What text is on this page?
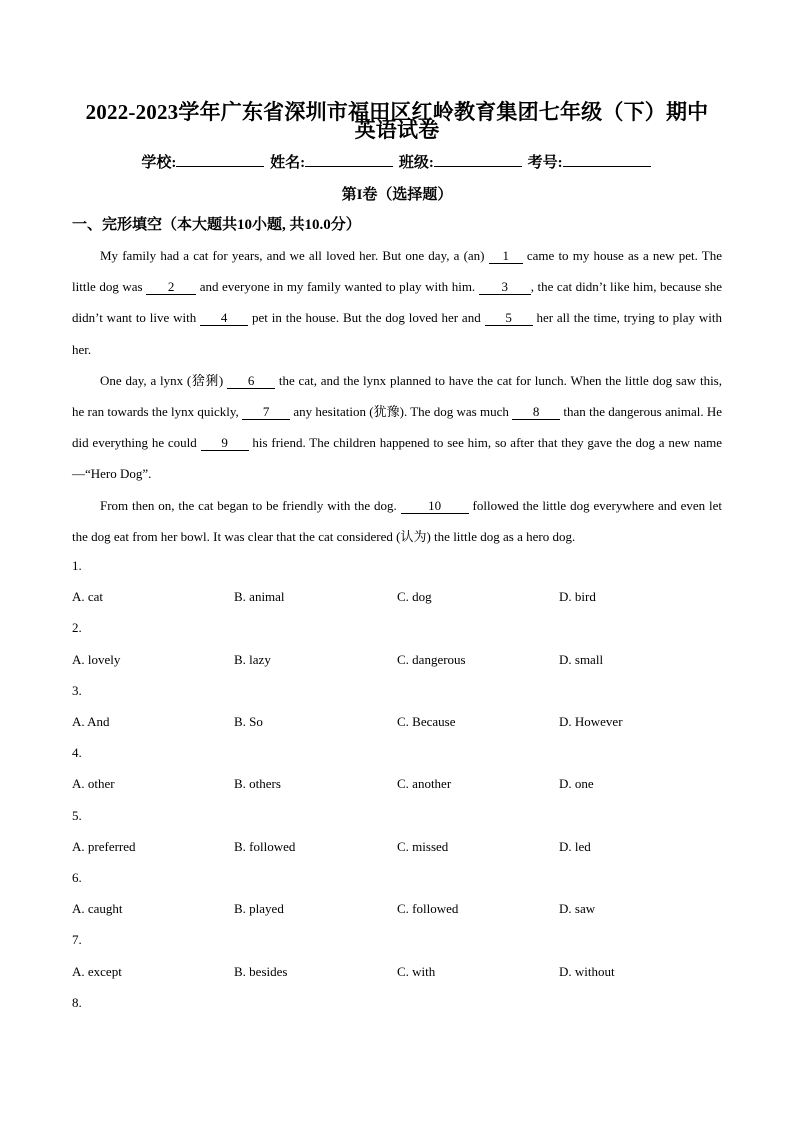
2022-2023学年广东省深圳市福田区红岭教育集团七年级（下）期中
英语试卷
学校:	姓名:	班级:	考号:
第I卷（选择题）
一、完形填空（本大题共10小题, 共10.0分）

My family had a cat for years, and we all loved her. But one day, a (an) 1 came to my house as a new pet. The little dog was 2 and everyone in my family wanted to play with him. 3 , the cat didn’t like him, because she didn’t want to live with 4 pet in the house. But the dog loved her and 5 her all the time, trying to play with her.

One day, a lynx (猞猁) 6 the cat, and the lynx planned to have the cat for lunch. When the little dog saw this, he ran towards the lynx quickly, 7 any hesitation (犹豫). The dog was much 8 than the dangerous animal. He did everything he could 9 his friend. The children happened to see him, so after that they gave the dog a new name—“Hero Dog”.

From then on, the cat began to be friendly with the dog. 10 followed the little dog everywhere and even let the dog eat from her bowl. It was clear that the cat considered (认为) the little dog as a hero dog.

1.
A. cat	B. animal	C. dog	D. bird
2.
A. lovely	B. lazy	C. dangerous	D. small
3.
A. And	B. So	C. Because	D. However
4.
A. other	B. others	C. another	D. one
5.
A. preferred	B. followed	C. missed	D. led
6.
A. caught	B. played	C. followed	D. saw
7.
A. except	B. besides	C. with	D. without
8.
